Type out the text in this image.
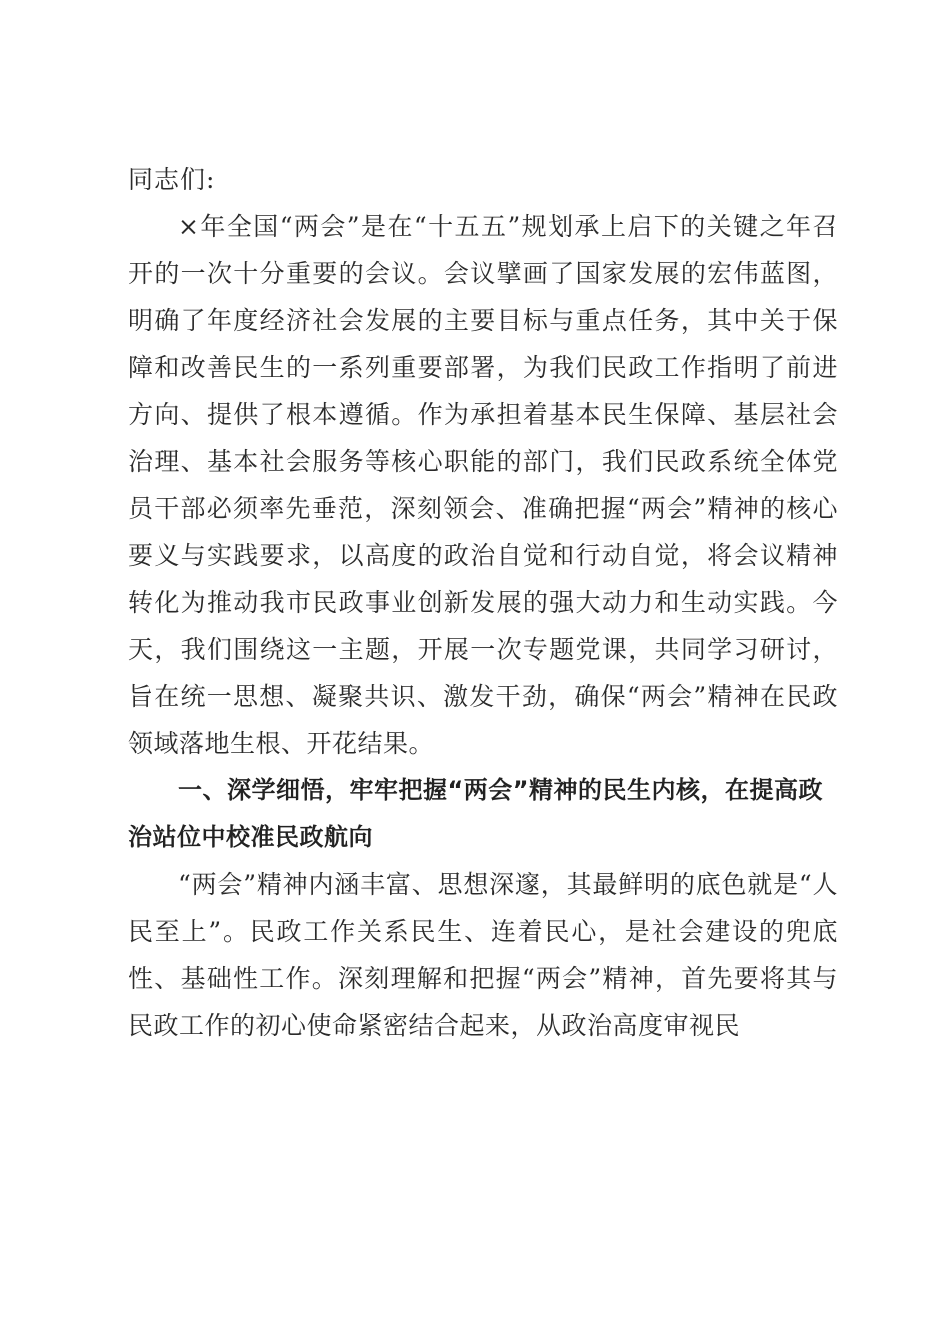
同志们:

×年全国“两会”是在“十五五”规划承上启下的关键之年召开的一次十分重要的会议。会议擘画了国家发展的宏伟蓝图，明确了年度经济社会发展的主要目标与重点任务，其中关于保障和改善民生的一系列重要部署，为我们民政工作指明了前进方向、提供了根本遵循。作为承担着基本民生保障、基层社会治理、基本社会服务等核心职能的部门，我们民政系统全体党员干部必须率先垂范，深刻领会、准确把握“两会”精神的核心要义与实践要求，以高度的政治自觉和行动自觉，将会议精神转化为推动我市民政事业创新发展的强大动力和生动实践。今天，我们围绕这一主题，开展一次专题党课，共同学习研讨，旨在统一思想、凝聚共识、激发干劲，确保“两会”精神在民政领域落地生根、开花结果。

一、深学细悟，牢牢把握“两会”精神的民生内核，在提高政治站位中校准民政航向

“两会”精神内涵丰富、思想深邃，其最鲜明的底色就是“人民至上”。民政工作关系民生、连着民心，是社会建设的兜底性、基础性工作。深刻理解和把握“两会”精神，首先要将其与民政工作的初心使命紧密结合起来，从政治高度审视民
